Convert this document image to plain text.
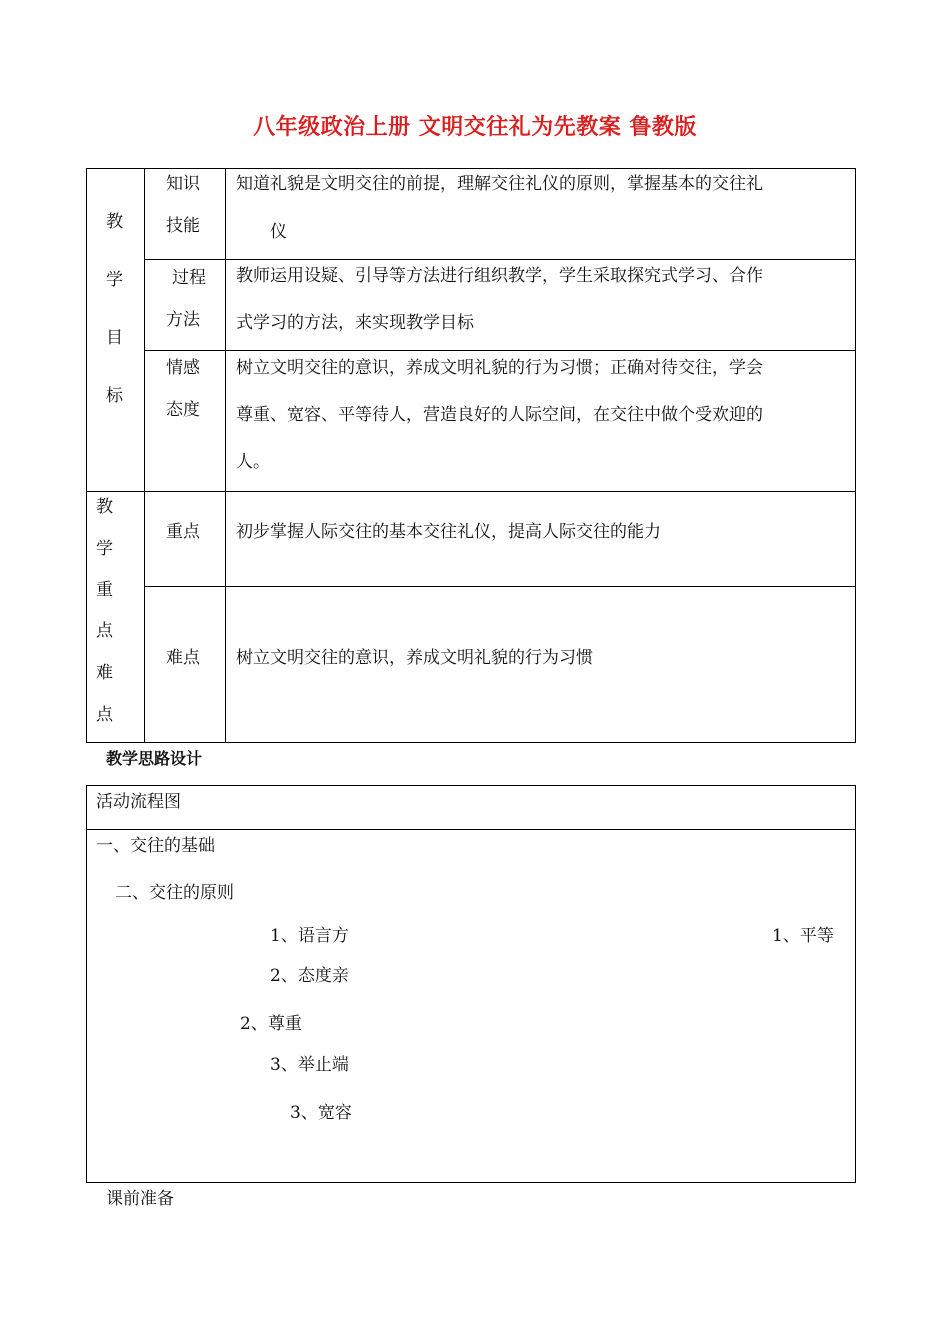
八年级政治上册 文明交往礼为先教案 鲁教版
教
学
目
标
知识
技能
知道礼貌是文明交往的前提，理解交往礼仪的原则，掌握基本的交往礼
仪
过程
方法
教师运用设疑、引导等方法进行组织教学，学生采取探究式学习、合作
式学习的方法，来实现教学目标
情感
态度
树立文明交往的意识，养成文明礼貌的行为习惯；正确对待交往，学会
尊重、宽容、平等待人，营造良好的人际空间，在交往中做个受欢迎的
人。
教
学
重
点
难
点
重点 初步掌握人际交往的基本交往礼仪，提高人际交往的能力
难点 树立文明交往的意识，养成文明礼貌的行为习惯
教学思路设计
活动流程图
一、交往的基础
二、交往的原则
1、语言方	1、平等
2、态度亲
2、尊重
3、举止端
3、宽容
课前准备
